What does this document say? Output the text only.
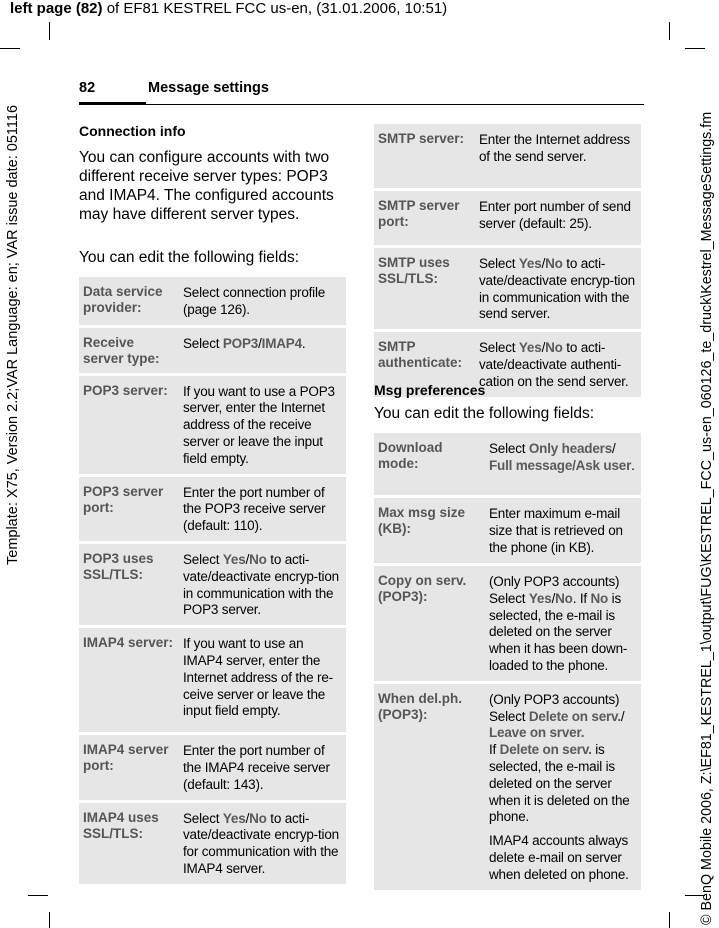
left page (82) of EF81 KESTREL FCC us-en, (31.01.2006, 10:51)
Template: X75, Version 2.2;VAR Language: en; VAR issue date: 051116	© BenQ Mobile 2006, Z:\EF81_KESTREL_1\output\FUG\KESTREL_FCC_us-en_060126_te_druck\Kestrel_MessageSettings.fm
82	Message settings
Connection info
You can configure accounts with two different receive server types: POP3 and IMAP4. The configured accounts may have different server types.
You can edit the following fields:
Data service provider:	Select connection profile (page 126).

Receive server type:	Select POP3/IMAP4.

POP3 server:	If you want to use a POP3 server, enter the Internet address of the receive server or leave the input field empty.

POP3 server port:	Enter the port number of the POP3 receive server (default: 110).

POP3 uses SSL/TLS:	Select Yes/No to acti-vate/deactivate encryp-tion in communication with the POP3 server.

IMAP4 server:	If you want to use an IMAP4 server, enter the Internet address of the re-ceive server or leave the input field empty.

IMAP4 server port:	Enter the port number of the IMAP4 receive server (default: 143).

IMAP4 uses SSL/TLS:	Select Yes/No to acti-vate/deactivate encryp-tion for communication with the IMAP4 server.

SMTP server:	Enter the Internet address of the send server.

SMTP server port:	Enter port number of send server (default: 25).

SMTP uses SSL/TLS:	Select Yes/No to acti-vate/deactivate encryp-tion in communication with the send server.

SMTP authenticate:	Select Yes/No to acti-vate/deactivate authenti-cation on the send server.

Msg preferences
You can edit the following fields:
Download mode:	Select Only headers/ Full message/Ask user.

Max msg size (KB):	Enter maximum e-mail size that is retrieved on the phone (in KB).

Copy on serv.(POP3):	(Only POP3 accounts) Select Yes/No. If No is selected, the e-mail is deleted on the server when it has been down-loaded to the phone.

When del.ph. (POP3):	(Only POP3 accounts) Select Delete on serv./ Leave on srver.
If Delete on serv. is selected, the e-mail is deleted on the server when it is deleted on the phone.

IMAP4 accounts always delete e-mail on server when deleted on phone.
